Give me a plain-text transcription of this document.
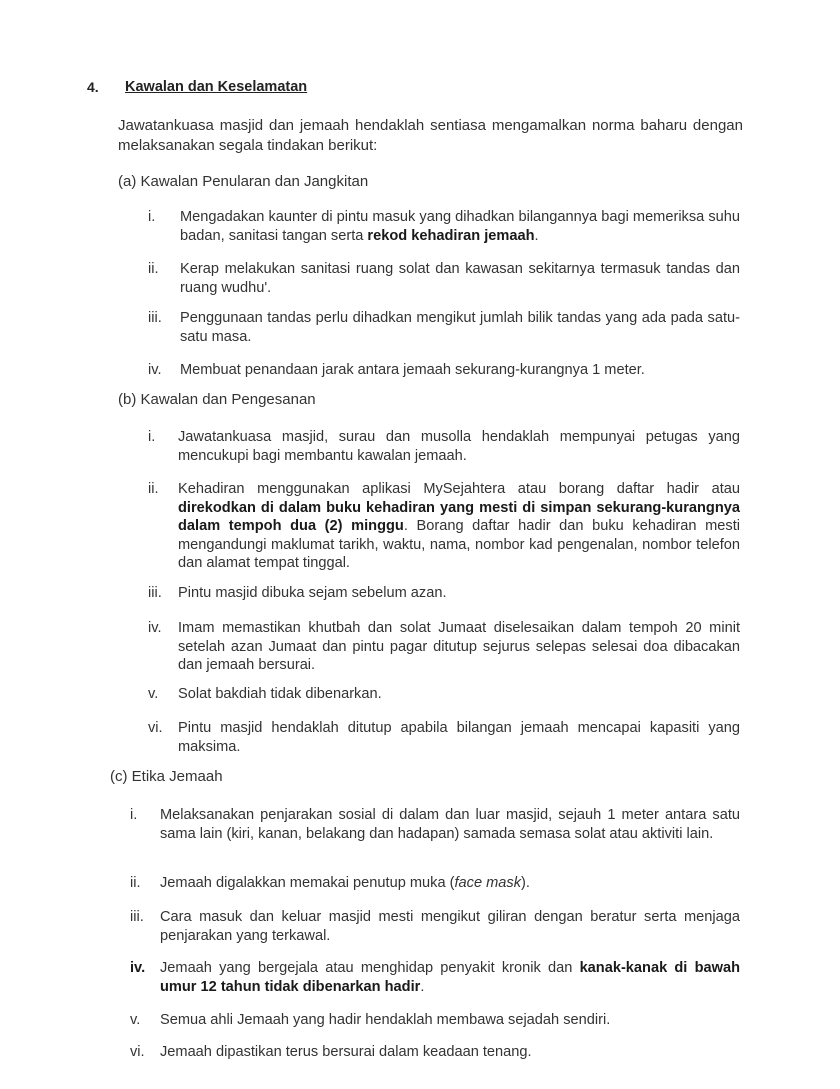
4. Kawalan dan Keselamatan
Jawatankuasa masjid dan jemaah hendaklah sentiasa mengamalkan norma baharu dengan melaksanakan segala tindakan berikut:
(a) Kawalan Penularan dan Jangkitan
i. Mengadakan kaunter di pintu masuk yang dihadkan bilangannya bagi memeriksa suhu badan, sanitasi tangan serta rekod kehadiran jemaah.
ii. Kerap melakukan sanitasi ruang solat dan kawasan sekitarnya termasuk tandas dan ruang wudhu'.
iii. Penggunaan tandas perlu dihadkan mengikut jumlah bilik tandas yang ada pada satu-satu masa.
iv. Membuat penandaan jarak antara jemaah sekurang-kurangnya 1 meter.
(b) Kawalan dan Pengesanan
i. Jawatankuasa masjid, surau dan musolla hendaklah mempunyai petugas yang mencukupi bagi membantu kawalan jemaah.
ii. Kehadiran menggunakan aplikasi MySejahtera atau borang daftar hadir atau direkodkan di dalam buku kehadiran yang mesti di simpan sekurang-kurangnya dalam tempoh dua (2) minggu. Borang daftar hadir dan buku kehadiran mesti mengandungi maklumat tarikh, waktu, nama, nombor kad pengenalan, nombor telefon dan alamat tempat tinggal.
iii. Pintu masjid dibuka sejam sebelum azan.
iv. Imam memastikan khutbah dan solat Jumaat diselesaikan dalam tempoh 20 minit setelah azan Jumaat dan pintu pagar ditutup sejurus selepas selesai doa dibacakan dan jemaah bersurai.
v. Solat bakdiah tidak dibenarkan.
vi. Pintu masjid hendaklah ditutup apabila bilangan jemaah mencapai kapasiti yang maksima.
(c) Etika Jemaah
i. Melaksanakan penjarakan sosial di dalam dan luar masjid, sejauh 1 meter antara satu sama lain (kiri, kanan, belakang dan hadapan) samada semasa solat atau aktiviti lain.
ii. Jemaah digalakkan memakai penutup muka (face mask).
iii. Cara masuk dan keluar masjid mesti mengikut giliran dengan beratur serta menjaga penjarakan yang terkawal.
iv. Jemaah yang bergejala atau menghidap penyakit kronik dan kanak-kanak di bawah umur 12 tahun tidak dibenarkan hadir.
v. Semua ahli Jemaah yang hadir hendaklah membawa sejadah sendiri.
vi. Jemaah dipastikan terus bersurai dalam keadaan tenang.
